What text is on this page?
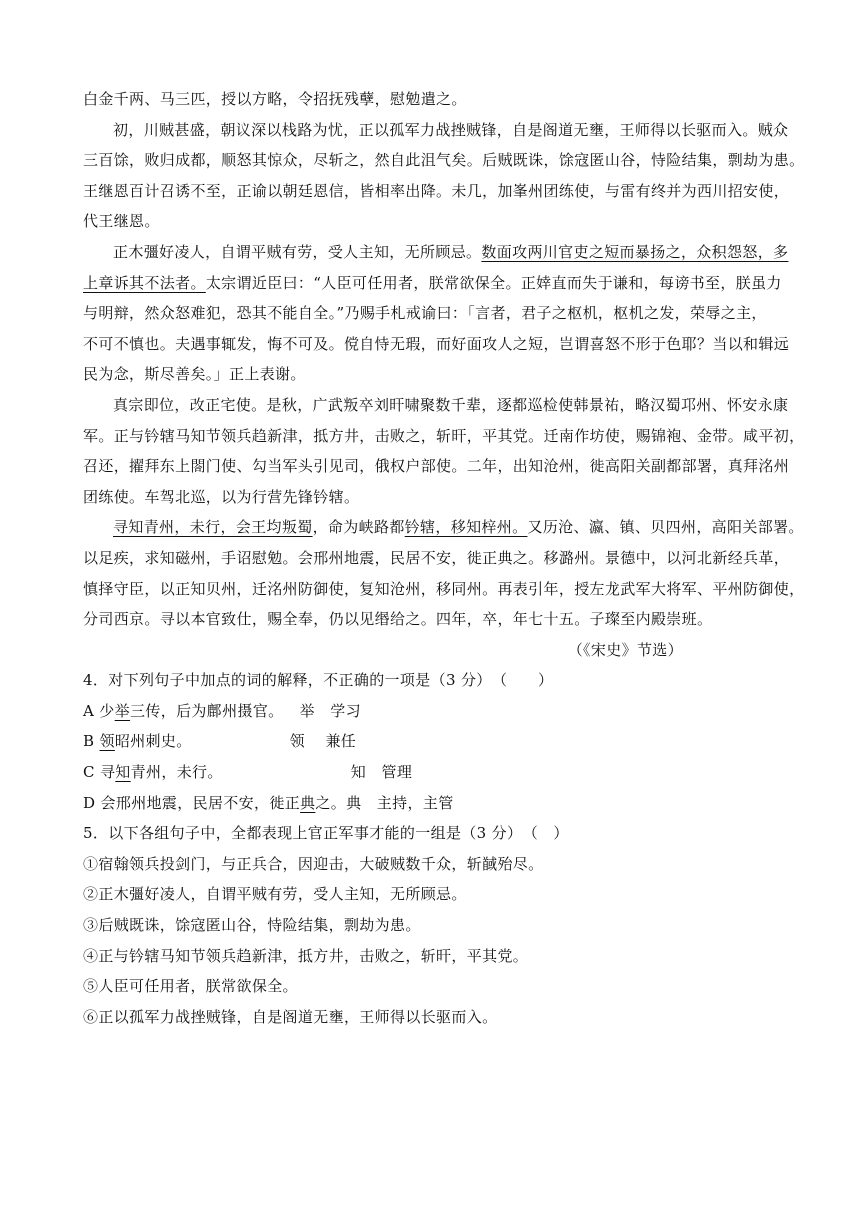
白金千两、马三匹，授以方略，令招抚残孽，慰勉遣之。
初，川贼甚盛，朝议深以栈路为忧，正以孤军力战挫贼锋，自是阁道无壅，王师得以长驱而入。贼众
三百馀，败归成都，顺怒其惊众，尽斩之，然自此沮气矣。后贼既诛，馀寇匿山谷，恃险结集，剽劫为患。
王继恩百计召诱不至，正谕以朝廷恩信，皆相率出降。未几，加峯州团练使，与雷有终并为西川招安使，
代王继恩。
正木彊好凌人，自谓平贼有劳，受人主知，无所顾忌。数面攻两川官吏之短而暴扬之，众积怨怒，多
上章诉其不法者。太宗谓近臣曰：“人臣可任用者，朕常欲保全。正婞直而失于谦和，每谤书至，朕虽力
与明辩，然众怒难犯，恐其不能自全。”乃赐手札戒谕曰：「言者，君子之枢机，枢机之发，荣辱之主，
不可不慎也。夫遇事辄发，悔不可及。傥自恃无瑕，而好面攻人之短，岂谓喜怒不形于色耶？当以和辑远
民为念，斯尽善矣。」正上表谢。
真宗即位，改正宅使。是秋，广武叛卒刘旰啸聚数千辈，逐都巡检使韩景祐，略汉蜀邛州、怀安永康
军。正与钤辖马知节领兵趋新津，抵方井，击败之，斩旰，平其党。迁南作坊使，赐锦袍、金带。咸平初，
召还，擢拜东上閤门使、勾当军头引见司，俄权户部使。二年，出知沧州，徙高阳关副都部署，真拜洺州
团练使。车驾北巡，以为行营先锋钤辖。
寻知青州，未行，会王均叛蜀，命为峡路都钤辖，移知梓州。又历沧、瀛、镇、贝四州，高阳关部署。
以足疾，求知磁州，手诏慰勉。会邢州地震，民居不安，徙正典之。移潞州。景德中，以河北新经兵革，
慎择守臣，以正知贝州，迁洺州防御使，复知沧州，移同州。再表引年，授左龙武军大将军、平州防御使，
分司西京。寻以本官致仕，赐全奉，仍以见缗给之。四年，卒，年七十五。子璨至内殿崇班。
（《宋史》节选）
4．对下列句子中加点的词的解释，不正确的一项是（3 分）　（　　）
A 少举三传，后为鄜州摄官。 举　学习
B 领昭州刺史。	领　 兼任
C 寻知青州，未行。	知　管理
D 会邢州地震，民居不安，徙正典之。典　主持，主管
5．以下各组句子中，全都表现上官正军事才能的一组是（3 分）　（　）
①宿翰领兵投剑门，与正兵合，因迎击，大破贼数千众，斩馘殆尽。
②正木彊好凌人，自谓平贼有劳，受人主知，无所顾忌。
③后贼既诛，馀寇匿山谷，恃险结集，剽劫为患。
④正与钤辖马知节领兵趋新津，抵方井，击败之，斩旰，平其党。
⑤人臣可任用者，朕常欲保全。
⑥正以孤军力战挫贼锋，自是阁道无壅，王师得以长驱而入。
